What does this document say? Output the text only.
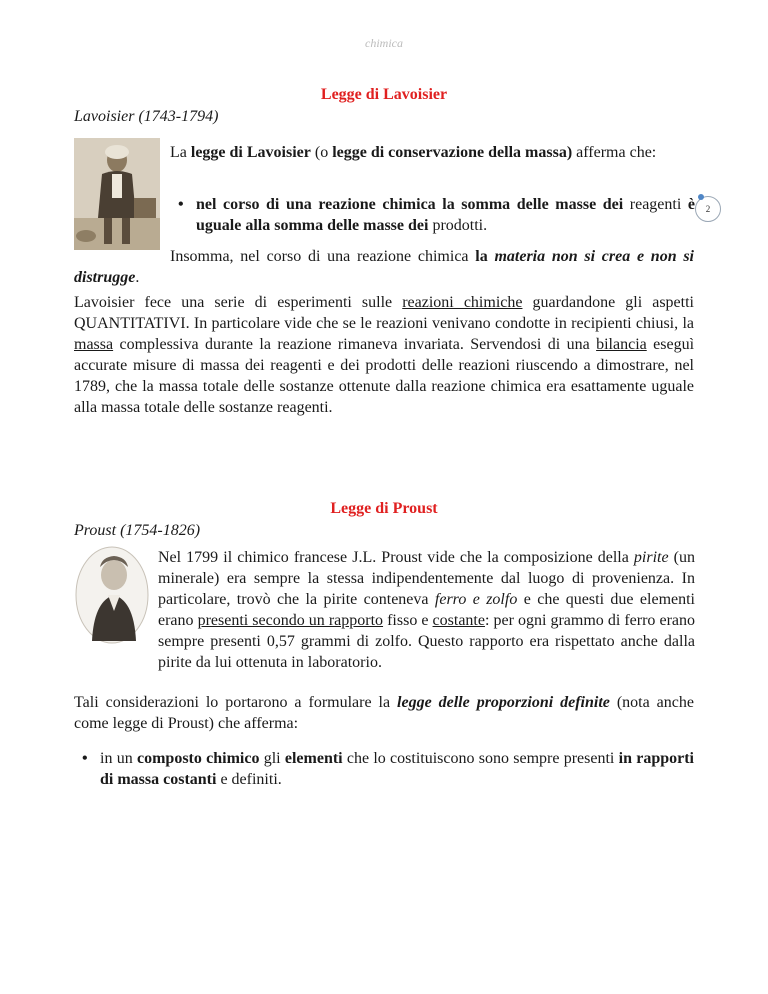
chimica
2
Legge di Lavoisier
Lavoisier (1743-1794)
La legge di Lavoisier (o legge di conservazione della massa) afferma che:
• nel corso di una reazione chimica la somma delle masse dei reagenti è uguale alla somma delle masse dei prodotti.
Insomma, nel corso di una reazione chimica la materia non si crea e non si distrugge.
Lavoisier fece una serie di esperimenti sulle reazioni chimiche guardandone gli aspetti QUANTITATIVI. In particolare vide che se le reazioni venivano condotte in recipienti chiusi, la massa complessiva durante la reazione rimaneva invariata. Servendosi di una bilancia eseguì accurate misure di massa dei reagenti e dei prodotti delle reazioni riuscendo a dimostrare, nel 1789, che la massa totale delle sostanze ottenute dalla reazione chimica era esattamente uguale alla massa totale delle sostanze reagenti.
Legge di Proust
Proust (1754-1826)
Nel 1799 il chimico francese J.L. Proust vide che la composizione della pirite (un minerale) era sempre la stessa indipendentemente dal luogo di provenienza. In particolare, trovò che la pirite conteneva ferro e zolfo e che questi due elementi erano presenti secondo un rapporto fisso e costante: per ogni grammo di ferro erano sempre presenti 0,57 grammi di zolfo. Questo rapporto era rispettato anche dalla pirite da lui ottenuta in laboratorio.
Tali considerazioni lo portarono a formulare la legge delle proporzioni definite (nota anche come legge di Proust) che afferma:
• in un composto chimico gli elementi che lo costituiscono sono sempre presenti in rapporti di massa costanti e definiti.
